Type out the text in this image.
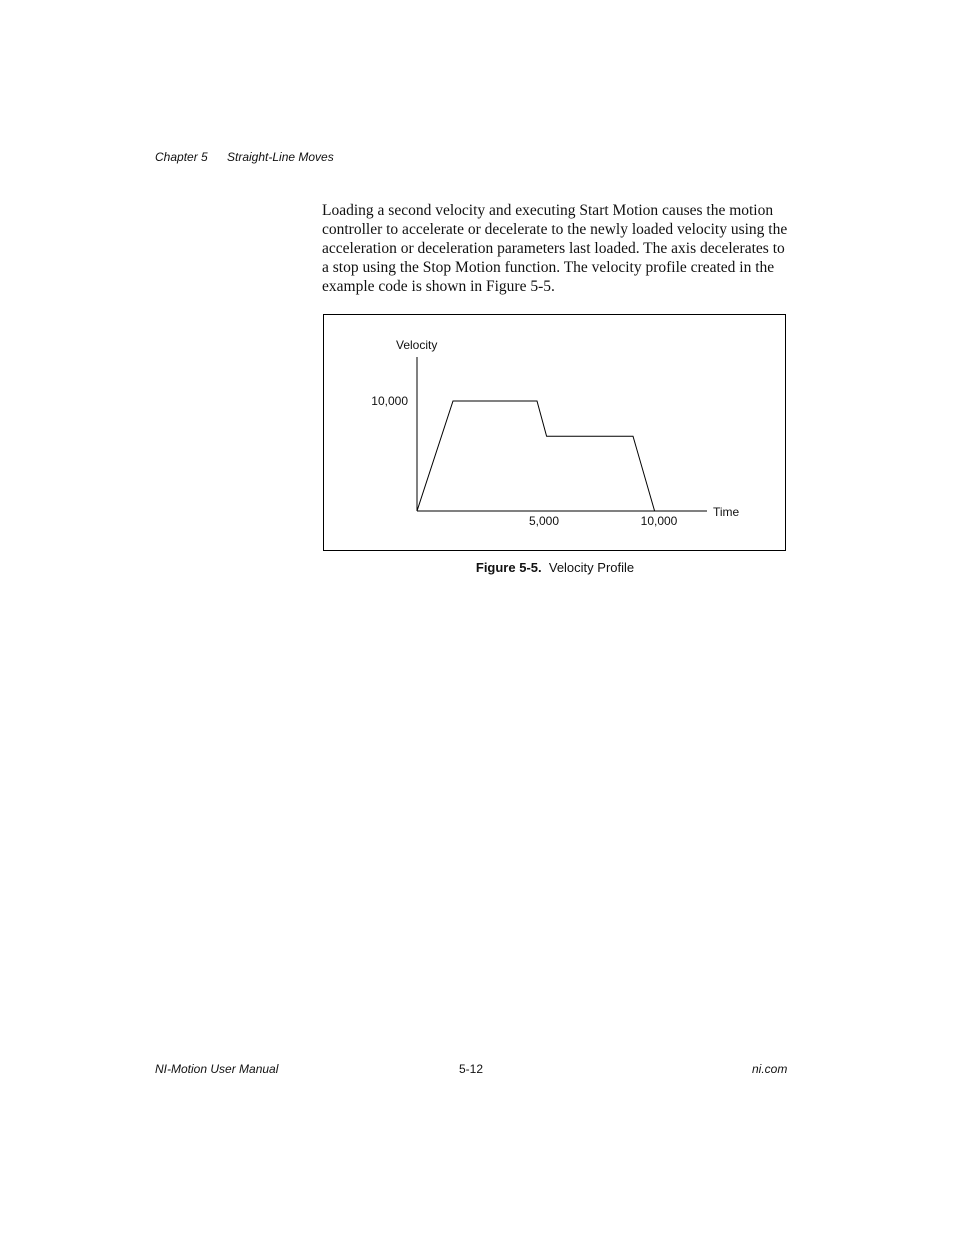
Chapter 5 Straight-Line Moves

Loading a second velocity and executing Start Motion causes the motion controller to accelerate or decelerate to the newly loaded velocity using the acceleration or deceleration parameters last loaded. The axis decelerates to a stop using the Stop Motion function. The velocity profile created in the example code is shown in Figure 5-5.

Velocity
Time
5,000	10,000
10,000
Figure 5-5. Velocity Profile
NI-Motion User Manual	5-12	ni.com
